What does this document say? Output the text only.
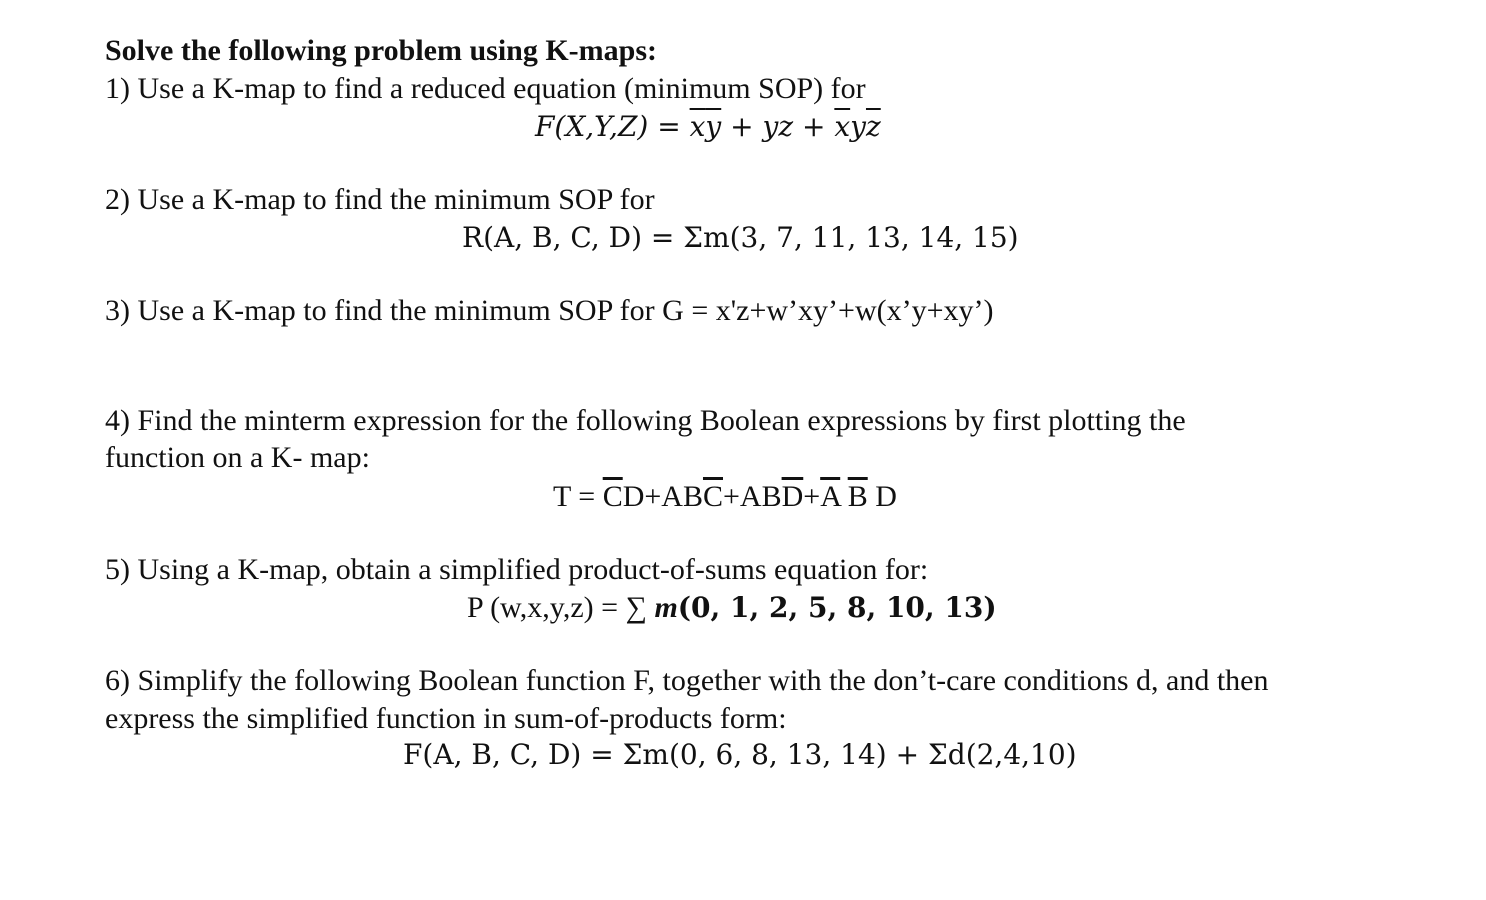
Solve the following problem using K-maps:
1) Use a K-map to find a reduced equation (minimum SOP) for
$F(X,Y,Z) = \overline{x}\overline{y}$ + yz + $\overline{x}y\overline{z}$
2) Use a K-map to find the minimum SOP for
R(A, B, C, D) = Σm(3, 7, 11, 13, 14, 15)
3) Use a K-map to find the minimum SOP for G = x'z+w’xy’+w(x’y+xy’)
4) Find the minterm expression for the following Boolean expressions by first plotting the
function on a K- map:
$T = \overline{C}D+AB\overline{C}+AB\overline{D}+\overline{A}$ $\overline{B}$ D
5) Using a K-map, obtain a simplified product-of-sums equation for:
P (w,x,y,z) = ∑ m(0, 1, 2, 5, 8, 10, 13)
6) Simplify the following Boolean function F, together with the don’t-care conditions d, and then
express the simplified function in sum-of-products form:
F(A, B, C, D) = Σm(0, 6, 8, 13, 14) + Σd(2,4,10)
